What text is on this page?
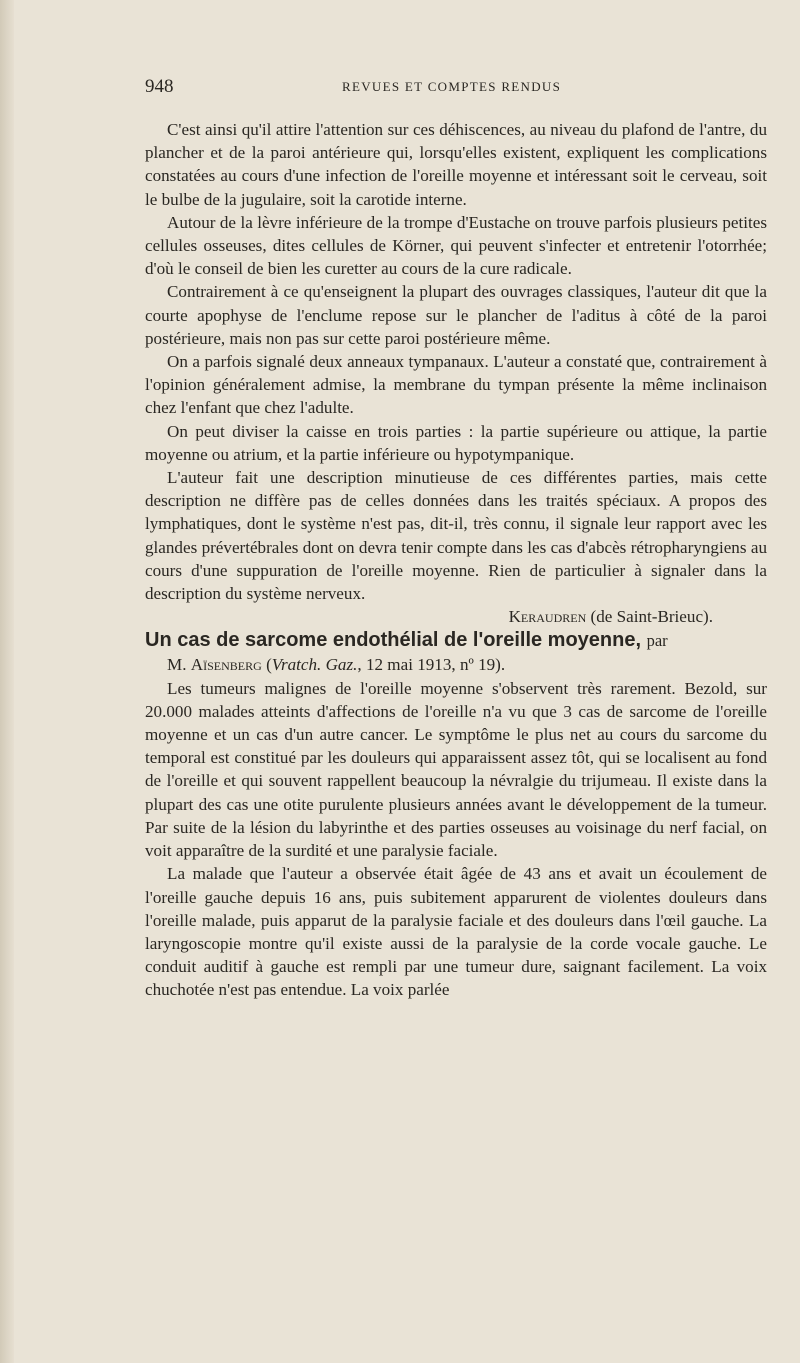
948	REVUES ET COMPTES RENDUS

C'est ainsi qu'il attire l'attention sur ces déhiscences, au niveau du plafond de l'antre, du plancher et de la paroi antérieure qui, lorsqu'elles existent, expliquent les complications constatées au cours d'une infection de l'oreille moyenne et intéressant soit le cerveau, soit le bulbe de la jugulaire, soit la carotide interne.

Autour de la lèvre inférieure de la trompe d'Eustache on trouve parfois plusieurs petites cellules osseuses, dites cellules de Körner, qui peuvent s'infecter et entretenir l'otorrhée; d'où le conseil de bien les curetter au cours de la cure radicale.

Contrairement à ce qu'enseignent la plupart des ouvrages classiques, l'auteur dit que la courte apophyse de l'enclume repose sur le plancher de l'aditus à côté de la paroi postérieure, mais non pas sur cette paroi postérieure même.

On a parfois signalé deux anneaux tympanaux. L'auteur a constaté que, contrairement à l'opinion généralement admise, la membrane du tympan présente la même inclinaison chez l'enfant que chez l'adulte.

On peut diviser la caisse en trois parties : la partie supérieure ou attique, la partie moyenne ou atrium, et la partie inférieure ou hypotympanique.

L'auteur fait une description minutieuse de ces différentes parties, mais cette description ne diffère pas de celles données dans les traités spéciaux. A propos des lymphatiques, dont le système n'est pas, dit-il, très connu, il signale leur rapport avec les glandes prévertébrales dont on devra tenir compte dans les cas d'abcès rétropharyngiens au cours d'une suppuration de l'oreille moyenne. Rien de particulier à signaler dans la description du système nerveux.

Keraudren (de Saint-Brieuc).

Un cas de sarcome endothélial de l'oreille moyenne, par

M. Aïsenberg (Vratch. Gaz., 12 mai 1913, nº 19).

Les tumeurs malignes de l'oreille moyenne s'observent très rarement. Bezold, sur 20.000 malades atteints d'affections de l'oreille n'a vu que 3 cas de sarcome de l'oreille moyenne et un cas d'un autre cancer. Le symptôme le plus net au cours du sarcome du temporal est constitué par les douleurs qui apparaissent assez tôt, qui se localisent au fond de l'oreille et qui souvent rappellent beaucoup la névralgie du trijumeau. Il existe dans la plupart des cas une otite purulente plusieurs années avant le développement de la tumeur. Par suite de la lésion du labyrinthe et des parties osseuses au voisinage du nerf facial, on voit apparaître de la surdité et une paralysie faciale.

La malade que l'auteur a observée était âgée de 43 ans et avait un écoulement de l'oreille gauche depuis 16 ans, puis subitement apparurent de violentes douleurs dans l'oreille malade, puis apparut de la paralysie faciale et des douleurs dans l'œil gauche. La laryngoscopie montre qu'il existe aussi de la paralysie de la corde vocale gauche. Le conduit auditif à gauche est rempli par une tumeur dure, saignant facilement. La voix chuchotée n'est pas entendue. La voix parlée
